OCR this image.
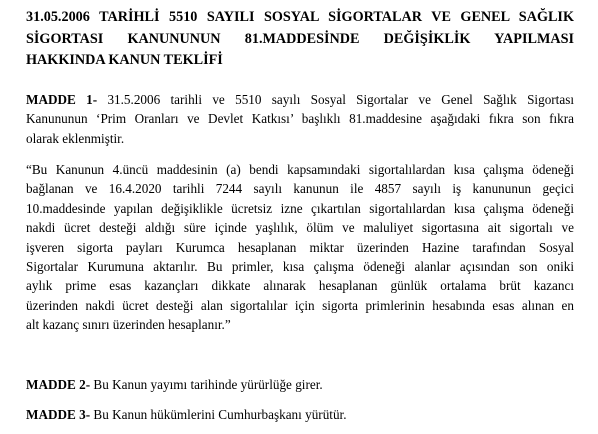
31.05.2006 TARİHLİ 5510 SAYILI SOSYAL SİGORTALAR VE GENEL SAĞLIK
SİGORTASI KANUNUNUN 81.MADDESİNDE DEĞİŞİKLİK YAPILMASI
HAKKINDA KANUN TEKLİFİ
MADDE 1- 31.5.2006 tarihli ve 5510 sayılı Sosyal Sigortalar ve Genel Sağlık Sigortası
Kanununun ‘Prim Oranları ve Devlet Katkısı’ başlıklı 81.maddesine aşağıdaki fıkra son fıkra
olarak eklenmiştir.
“Bu Kanunun 4.üncü maddesinin (a) bendi kapsamındaki sigortalılardan kısa çalışma ödeneği
bağlanan ve 16.4.2020 tarihli 7244 sayılı kanunun ile 4857 sayılı iş kanununun geçici
10.maddesinde yapılan değişiklikle ücretsiz izne çıkartılan sigortalılardan kısa çalışma ödeneği
nakdi ücret desteği aldığı süre içinde yaşlılık, ölüm ve maluliyet sigortasına ait sigortalı ve
işveren sigorta payları Kurumca hesaplanan miktar üzerinden Hazine tarafından Sosyal
Sigortalar Kurumuna aktarılır. Bu primler, kısa çalışma ödeneği alanlar açısından son oniki
aylık prime esas kazançları dikkate alınarak hesaplanan günlük ortalama brüt kazancı
üzerinden nakdi ücret desteği alan sigortalılar için sigorta primlerinin hesabında esas alınan en
alt kazanç sınırı üzerinden hesaplanır.”
MADDE 2- Bu Kanun yayımı tarihinde yürürlüğe girer.
MADDE 3- Bu Kanun hükümlerini Cumhurbaşkanı yürütür.
